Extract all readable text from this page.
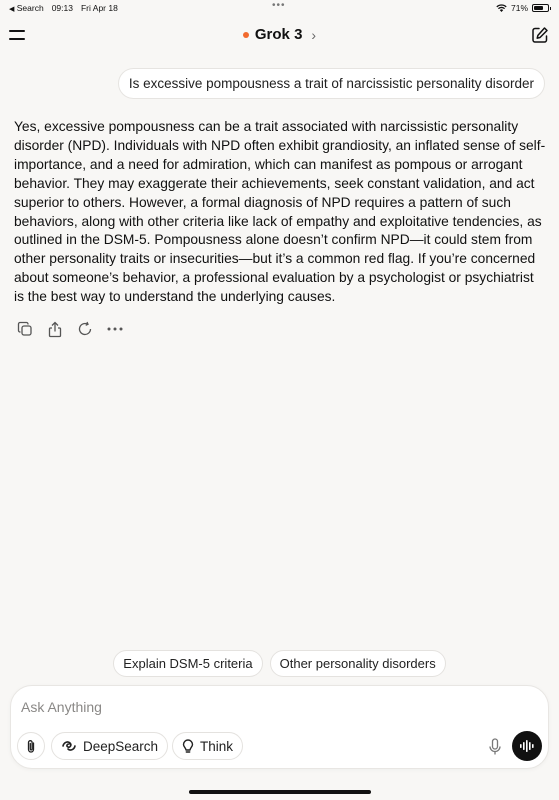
◀ Search 09:13 Fri Apr 18	•••	71%
Grok 3 ›
Is excessive pompousness a trait of narcissistic personality disorder
Yes, excessive pompousness can be a trait associated with narcissistic personality disorder (NPD). Individuals with NPD often exhibit grandiosity, an inflated sense of self-importance, and a need for admiration, which can manifest as pompous or arrogant behavior. They may exaggerate their achievements, seek constant validation, and act superior to others. However, a formal diagnosis of NPD requires a pattern of such behaviors, along with other criteria like lack of empathy and exploitative tendencies, as outlined in the DSM-5. Pompousness alone doesn’t confirm NPD—it could stem from other personality traits or insecurities—but it’s a common red flag. If you’re concerned about someone’s behavior, a professional evaluation by a psychologist or psychiatrist is the best way to understand the underlying causes.
Explain DSM-5 criteria	Other personality disorders
Ask Anything
DeepSearch	Think
